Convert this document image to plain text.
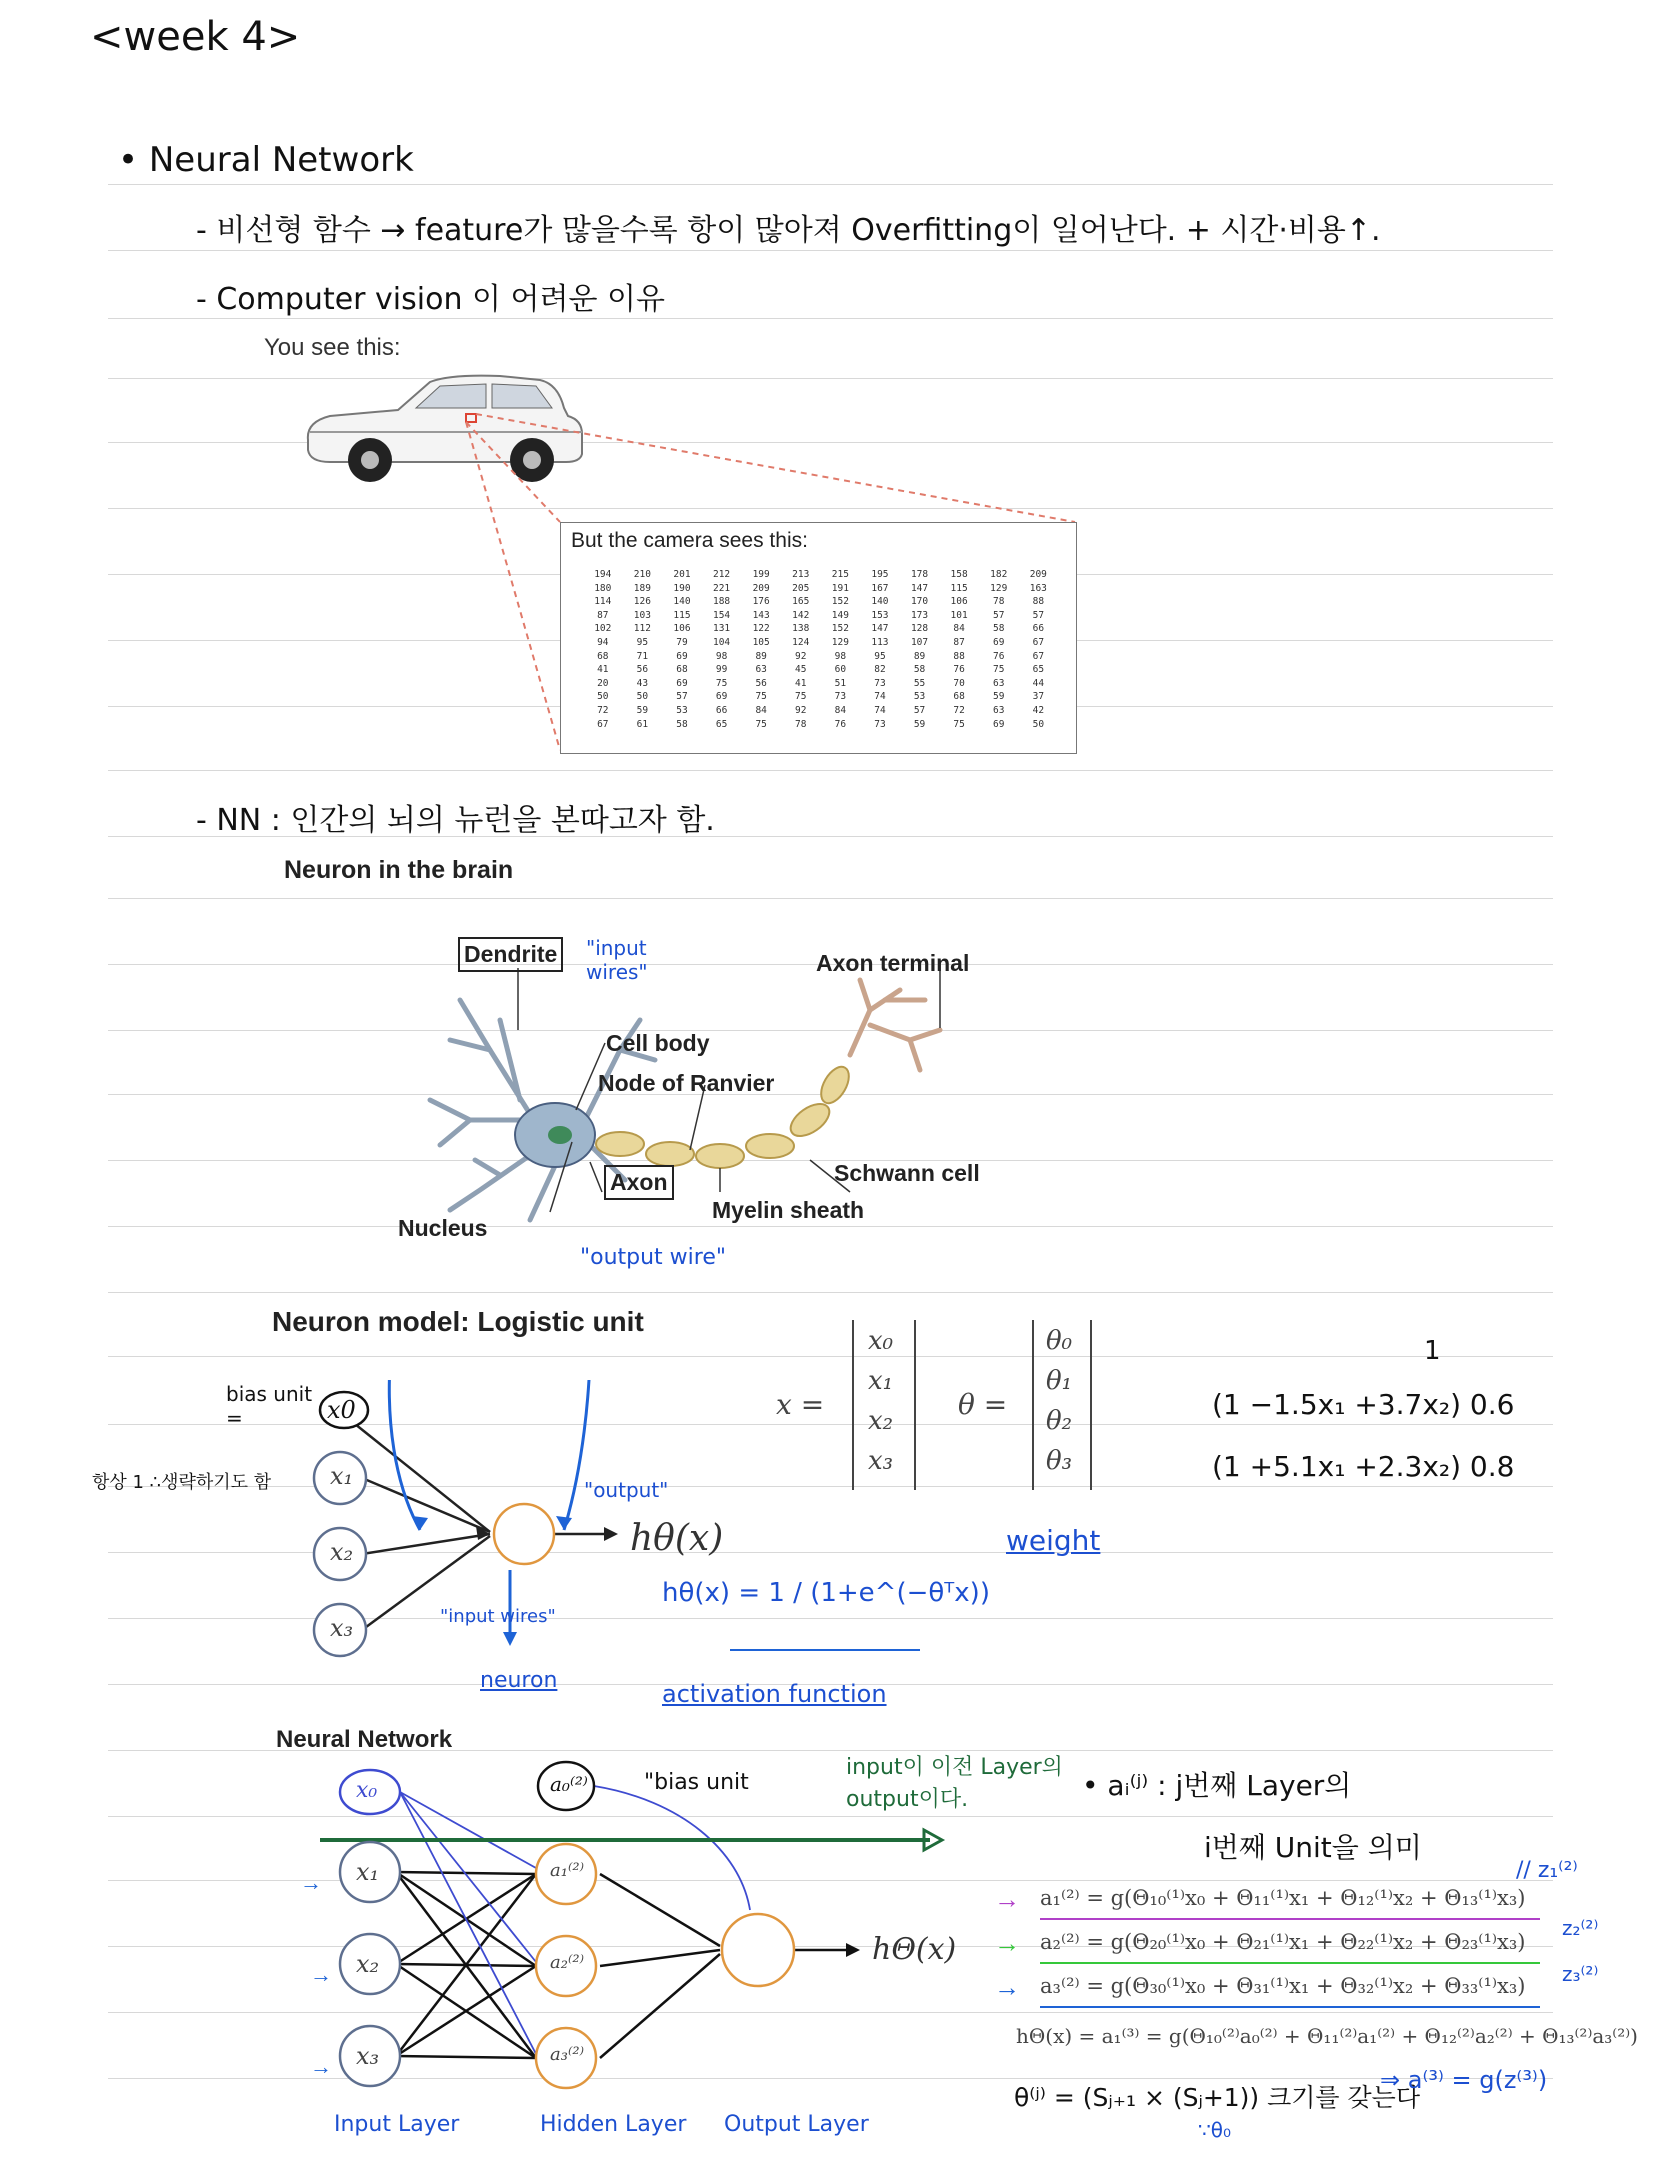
<week 4>
• Neural Network
- 비선형 함수 → feature가 많을수록 항이 많아져 Overfitting이 일어난다. + 시간·비용↑.
- Computer vision 이 어려운 이유
You see this:
But the camera sees this:
194	210	201	212	199	213	215	195	178	158	182	209
180	189	190	221	209	205	191	167	147	115	129	163
114	126	140	188	176	165	152	140	170	106	78	88
87	103	115	154	143	142	149	153	173	101	57	57
102	112	106	131	122	138	152	147	128	84	58	66
94	95	79	104	105	124	129	113	107	87	69	67
68	71	69	98	89	92	98	95	89	88	76	67
41	56	68	99	63	45	60	82	58	76	75	65
20	43	69	75	56	41	51	73	55	70	63	44
50	50	57	69	75	75	73	74	53	68	59	37
72	59	53	66	84	92	84	74	57	72	63	42
67	61	58	65	75	78	76	73	59	75	69	50
- NN : 인간의 뇌의 뉴런을 본따고자 함.
Neuron in the brain
Dendrite	"input wires"	Axon terminal
Cell body
Node of Ranvier
Axon	Schwann cell
Nucleus
Myelin sheath
"output wire"
Neuron model: Logistic unit
bias unit =
항상 1 ∴생략하기도 함
x0
x₁
x₂
x₃
"output"
hθ(x)
"input wires"
neuron
hθ(x) = 1 / (1+e^(−θᵀx))
activation function
x =
x₀
x₁
x₂
x₃
θ =
θ₀
θ₁
θ₂
θ₃
weight
1
(1 −1.5x₁ +3.7x₂) 0.6
(1 +5.1x₁ +2.3x₂) 0.8
Neural Network
x₀	a₀⁽²⁾	"bias unit
x₁
x₂
x₃
a₁⁽²⁾
a₂⁽²⁾
a₃⁽²⁾
hΘ(x)
input이 이전 Layer의 output이다.	• aᵢ⁽ʲ⁾ : j번째 Layer의
i번째 Unit을 의미
a₁⁽²⁾ = g(Θ₁₀⁽¹⁾x₀ + Θ₁₁⁽¹⁾x₁ + Θ₁₂⁽¹⁾x₂ + Θ₁₃⁽¹⁾x₃)
a₂⁽²⁾ = g(Θ₂₀⁽¹⁾x₀ + Θ₂₁⁽¹⁾x₁ + Θ₂₂⁽¹⁾x₂ + Θ₂₃⁽¹⁾x₃)
a₃⁽²⁾ = g(Θ₃₀⁽¹⁾x₀ + Θ₃₁⁽¹⁾x₁ + Θ₃₂⁽¹⁾x₂ + Θ₃₃⁽¹⁾x₃)
hΘ(x) = a₁⁽³⁾ = g(Θ₁₀⁽²⁾a₀⁽²⁾ + Θ₁₁⁽²⁾a₁⁽²⁾ + Θ₁₂⁽²⁾a₂⁽²⁾ + Θ₁₃⁽²⁾a₃⁽²⁾)
→
→
→
// z₁⁽²⁾
z₂⁽²⁾
z₃⁽²⁾
θ⁽ʲ⁾ = (Sⱼ₊₁ × (Sⱼ+1)) 크기를 갖는다
∵θ₀
⇒ a⁽³⁾ = g(z⁽³⁾)
Input Layer	Hidden Layer Output Layer
→
→
→
